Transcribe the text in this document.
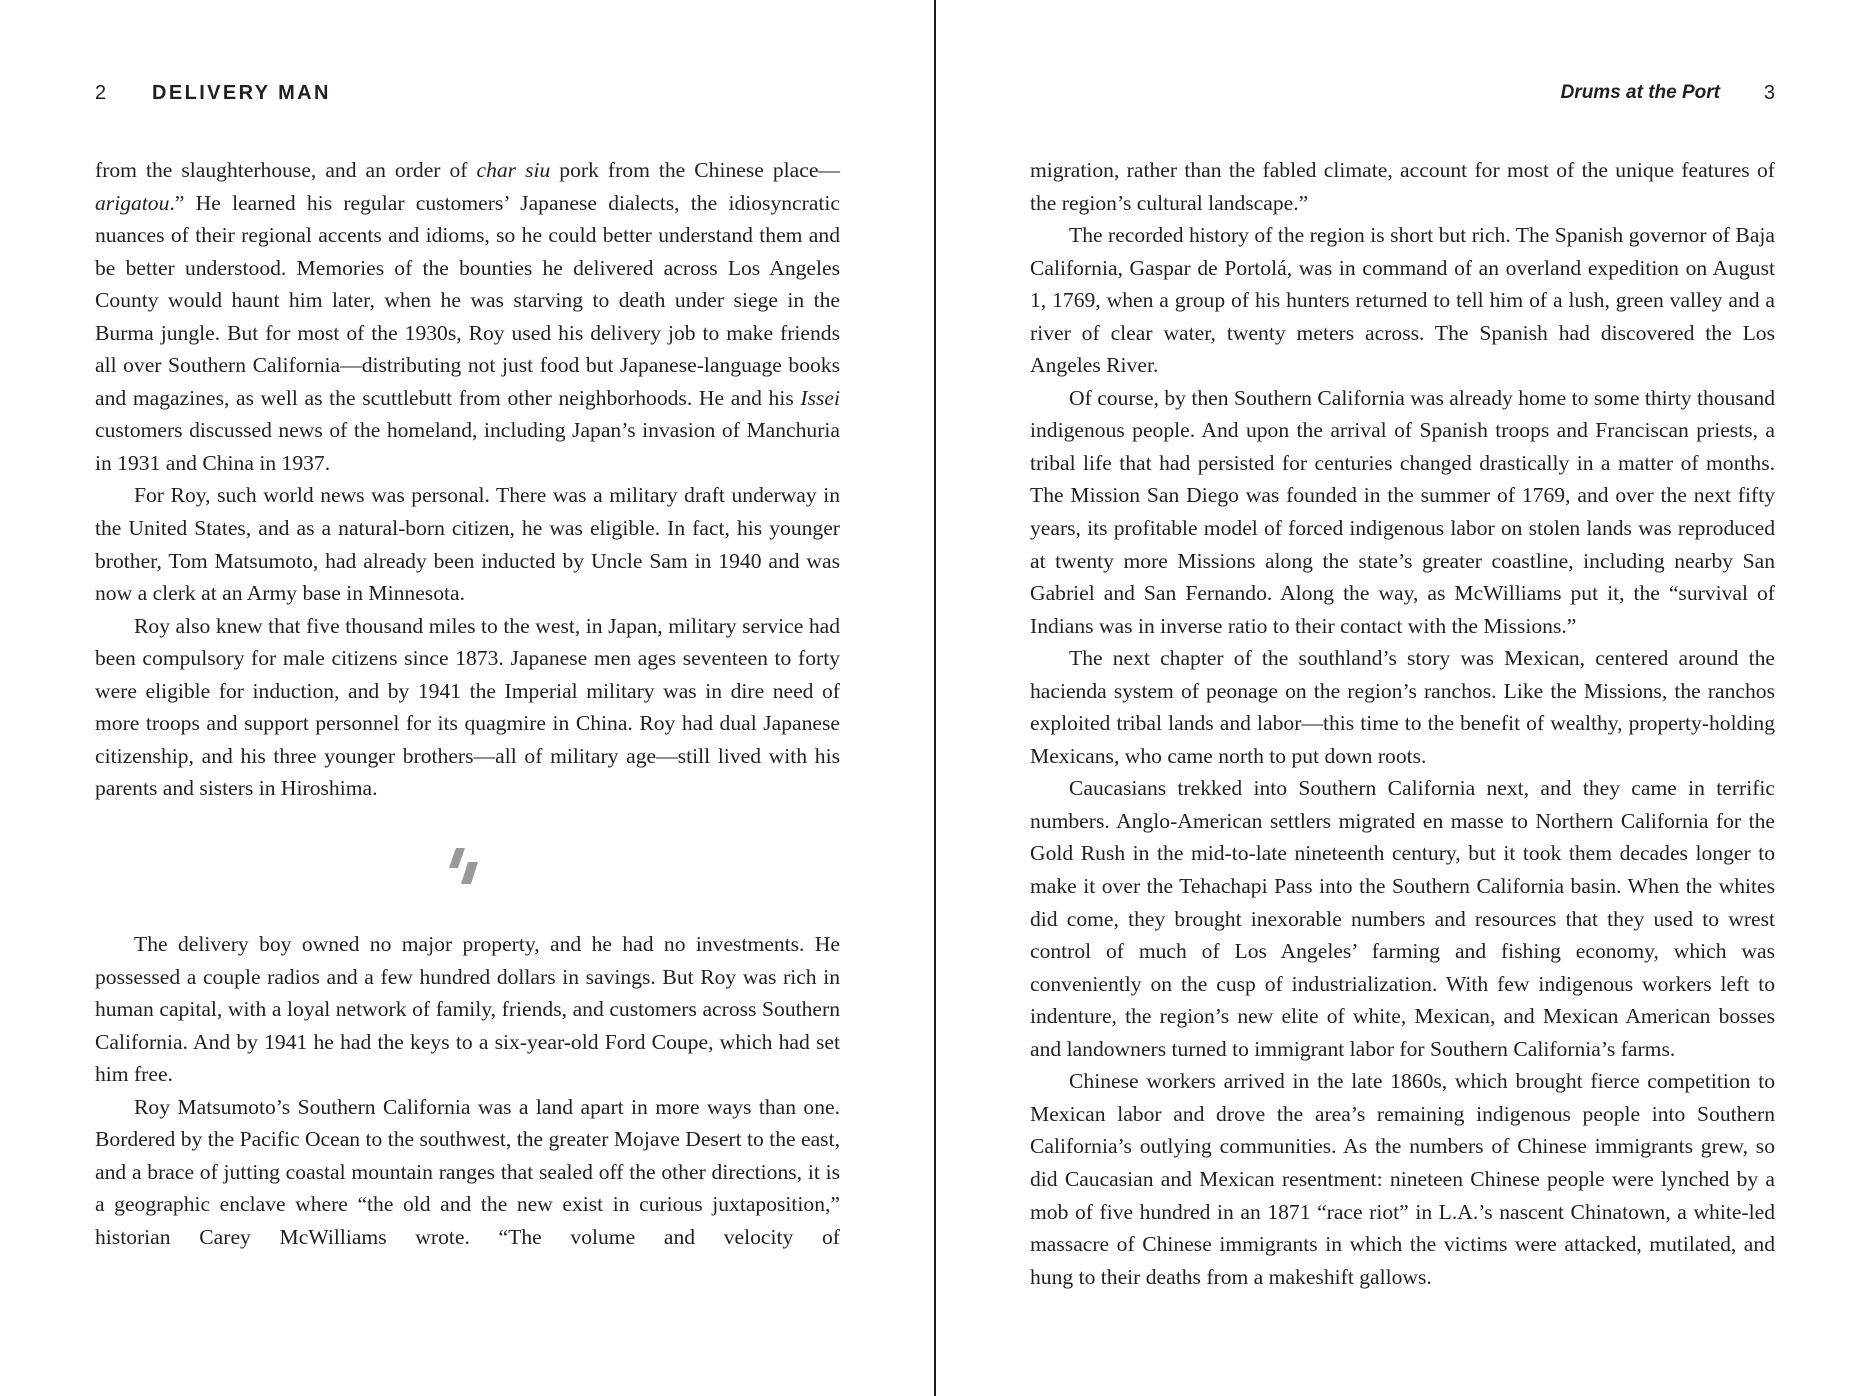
2 DELIVERY MAN

from the slaughterhouse, and an order of char siu pork from the Chinese place—arigatou.” He learned his regular customers’ Japanese dialects, the idiosyncratic nuances of their regional accents and idioms, so he could better understand them and be better understood. Memories of the bounties he delivered across Los Angeles County would haunt him later, when he was starving to death under siege in the Burma jungle. But for most of the 1930s, Roy used his delivery job to make friends all over Southern California—distributing not just food but Japanese-language books and magazines, as well as the scuttlebutt from other neighborhoods. He and his Issei customers discussed news of the homeland, including Japan’s invasion of Manchuria in 1931 and China in 1937.

For Roy, such world news was personal. There was a military draft underway in the United States, and as a natural-born citizen, he was eligible. In fact, his younger brother, Tom Matsumoto, had already been inducted by Uncle Sam in 1940 and was now a clerk at an Army base in Minnesota.

Roy also knew that five thousand miles to the west, in Japan, military service had been compulsory for male citizens since 1873. Japanese men ages seventeen to forty were eligible for induction, and by 1941 the Imperial military was in dire need of more troops and support personnel for its quagmire in China. Roy had dual Japanese citizenship, and his three younger brothers—all of military age—still lived with his parents and sisters in Hiroshima.

The delivery boy owned no major property, and he had no investments. He possessed a couple radios and a few hundred dollars in savings. But Roy was rich in human capital, with a loyal network of family, friends, and customers across Southern California. And by 1941 he had the keys to a six-year-old Ford Coupe, which had set him free.

Roy Matsumoto’s Southern California was a land apart in more ways than one. Bordered by the Pacific Ocean to the southwest, the greater Mojave Desert to the east, and a brace of jutting coastal mountain ranges that sealed off the other directions, it is a geographic enclave where “the old and the new exist in curious juxtaposition,” historian Carey McWilliams wrote. “The volume and velocity of

Drums at the Port 3

migration, rather than the fabled climate, account for most of the unique features of the region’s cultural landscape.”

The recorded history of the region is short but rich. The Spanish governor of Baja California, Gaspar de Portolá, was in command of an overland expedition on August 1, 1769, when a group of his hunters returned to tell him of a lush, green valley and a river of clear water, twenty meters across. The Spanish had discovered the Los Angeles River.

Of course, by then Southern California was already home to some thirty thousand indigenous people. And upon the arrival of Spanish troops and Franciscan priests, a tribal life that had persisted for centuries changed drastically in a matter of months. The Mission San Diego was founded in the summer of 1769, and over the next fifty years, its profitable model of forced indigenous labor on stolen lands was reproduced at twenty more Missions along the state’s greater coastline, including nearby San Gabriel and San Fernando. Along the way, as McWilliams put it, the “survival of Indians was in inverse ratio to their contact with the Missions.”

The next chapter of the southland’s story was Mexican, centered around the hacienda system of peonage on the region’s ranchos. Like the Missions, the ranchos exploited tribal lands and labor—this time to the benefit of wealthy, property-holding Mexicans, who came north to put down roots.

Caucasians trekked into Southern California next, and they came in terrific numbers. Anglo-American settlers migrated en masse to Northern California for the Gold Rush in the mid-to-late nineteenth century, but it took them decades longer to make it over the Tehachapi Pass into the Southern California basin. When the whites did come, they brought inexorable numbers and resources that they used to wrest control of much of Los Angeles’ farming and fishing economy, which was conveniently on the cusp of industrialization. With few indigenous workers left to indenture, the region’s new elite of white, Mexican, and Mexican American bosses and landowners turned to immigrant labor for Southern California’s farms.

Chinese workers arrived in the late 1860s, which brought fierce competition to Mexican labor and drove the area’s remaining indigenous people into Southern California’s outlying communities. As the numbers of Chinese immigrants grew, so did Caucasian and Mexican resentment: nineteen Chinese people were lynched by a mob of five hundred in an 1871 “race riot” in L.A.’s nascent Chinatown, a white-led massacre of Chinese immigrants in which the victims were attacked, mutilated, and hung to their deaths from a makeshift gallows.
